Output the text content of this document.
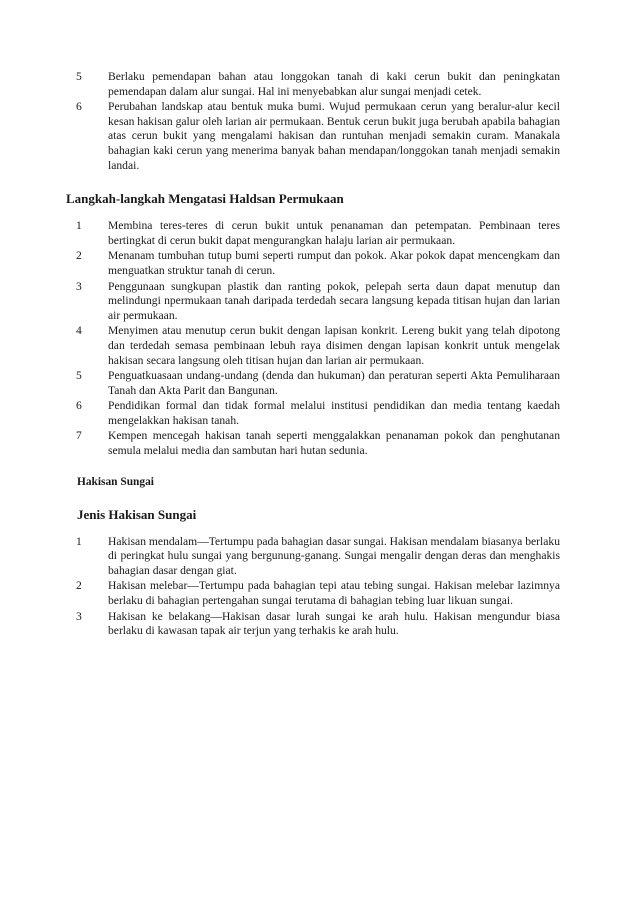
5	Berlaku pemendapan bahan atau longgokan tanah di kaki cerun bukit dan peningkatan pemendapan dalam alur sungai. Hal ini menyebabkan alur sungai menjadi cetek.
6	Perubahan landskap atau bentuk muka bumi. Wujud permukaan cerun yang beralur-alur kecil kesan hakisan galur oleh larian air permukaan. Bentuk cerun bukit juga berubah apabila bahagian atas cerun bukit yang mengalami hakisan dan runtuhan menjadi semakin curam. Manakala bahagian kaki cerun yang menerima banyak bahan mendapan/longgokan tanah menjadi semakin landai.
Langkah-langkah Mengatasi Haldsan Permukaan
1	Membina teres-teres di cerun bukit untuk penanaman dan petempatan. Pembinaan teres bertingkat di cerun bukit dapat mengurangkan halaju larian air permukaan.
2	Menanam tumbuhan tutup bumi seperti rumput dan pokok. Akar pokok dapat mencengkam dan menguatkan struktur tanah di cerun.
3	Penggunaan sungkupan plastik dan ranting pokok, pelepah serta daun dapat menutup dan melindungi npermukaan tanah daripada terdedah secara langsung kepada titisan hujan dan larian air permukaan.
4	Menyimen atau menutup cerun bukit dengan lapisan konkrit. Lereng bukit yang telah dipotong dan terdedah semasa pembinaan lebuh raya disimen dengan lapisan konkrit untuk mengelak hakisan secara langsung oleh titisan hujan dan larian air permukaan.
5	Penguatkuasaan undang-undang (denda dan hukuman) dan peraturan seperti Akta Pemuliharaan Tanah dan Akta Parit dan Bangunan.
6	Pendidikan formal dan tidak formal melalui institusi pendidikan dan media tentang kaedah mengelakkan hakisan tanah.
7	Kempen mencegah hakisan tanah seperti menggalakkan penanaman pokok dan penghutanan semula melalui media dan sambutan hari hutan sedunia.
Hakisan Sungai
Jenis Hakisan Sungai
1	Hakisan mendalam—Tertumpu pada bahagian dasar sungai. Hakisan mendalam biasanya berlaku di peringkat hulu sungai yang bergunung-ganang. Sungai mengalir dengan deras dan menghakis bahagian dasar dengan giat.
2	Hakisan melebar—Tertumpu pada bahagian tepi atau tebing sungai. Hakisan melebar lazimnya berlaku di bahagian pertengahan sungai terutama di bahagian tebing luar likuan sungai.
3	Hakisan ke belakang—Hakisan dasar lurah sungai ke arah hulu. Hakisan mengundur biasa berlaku di kawasan tapak air terjun yang terhakis ke arah hulu.
